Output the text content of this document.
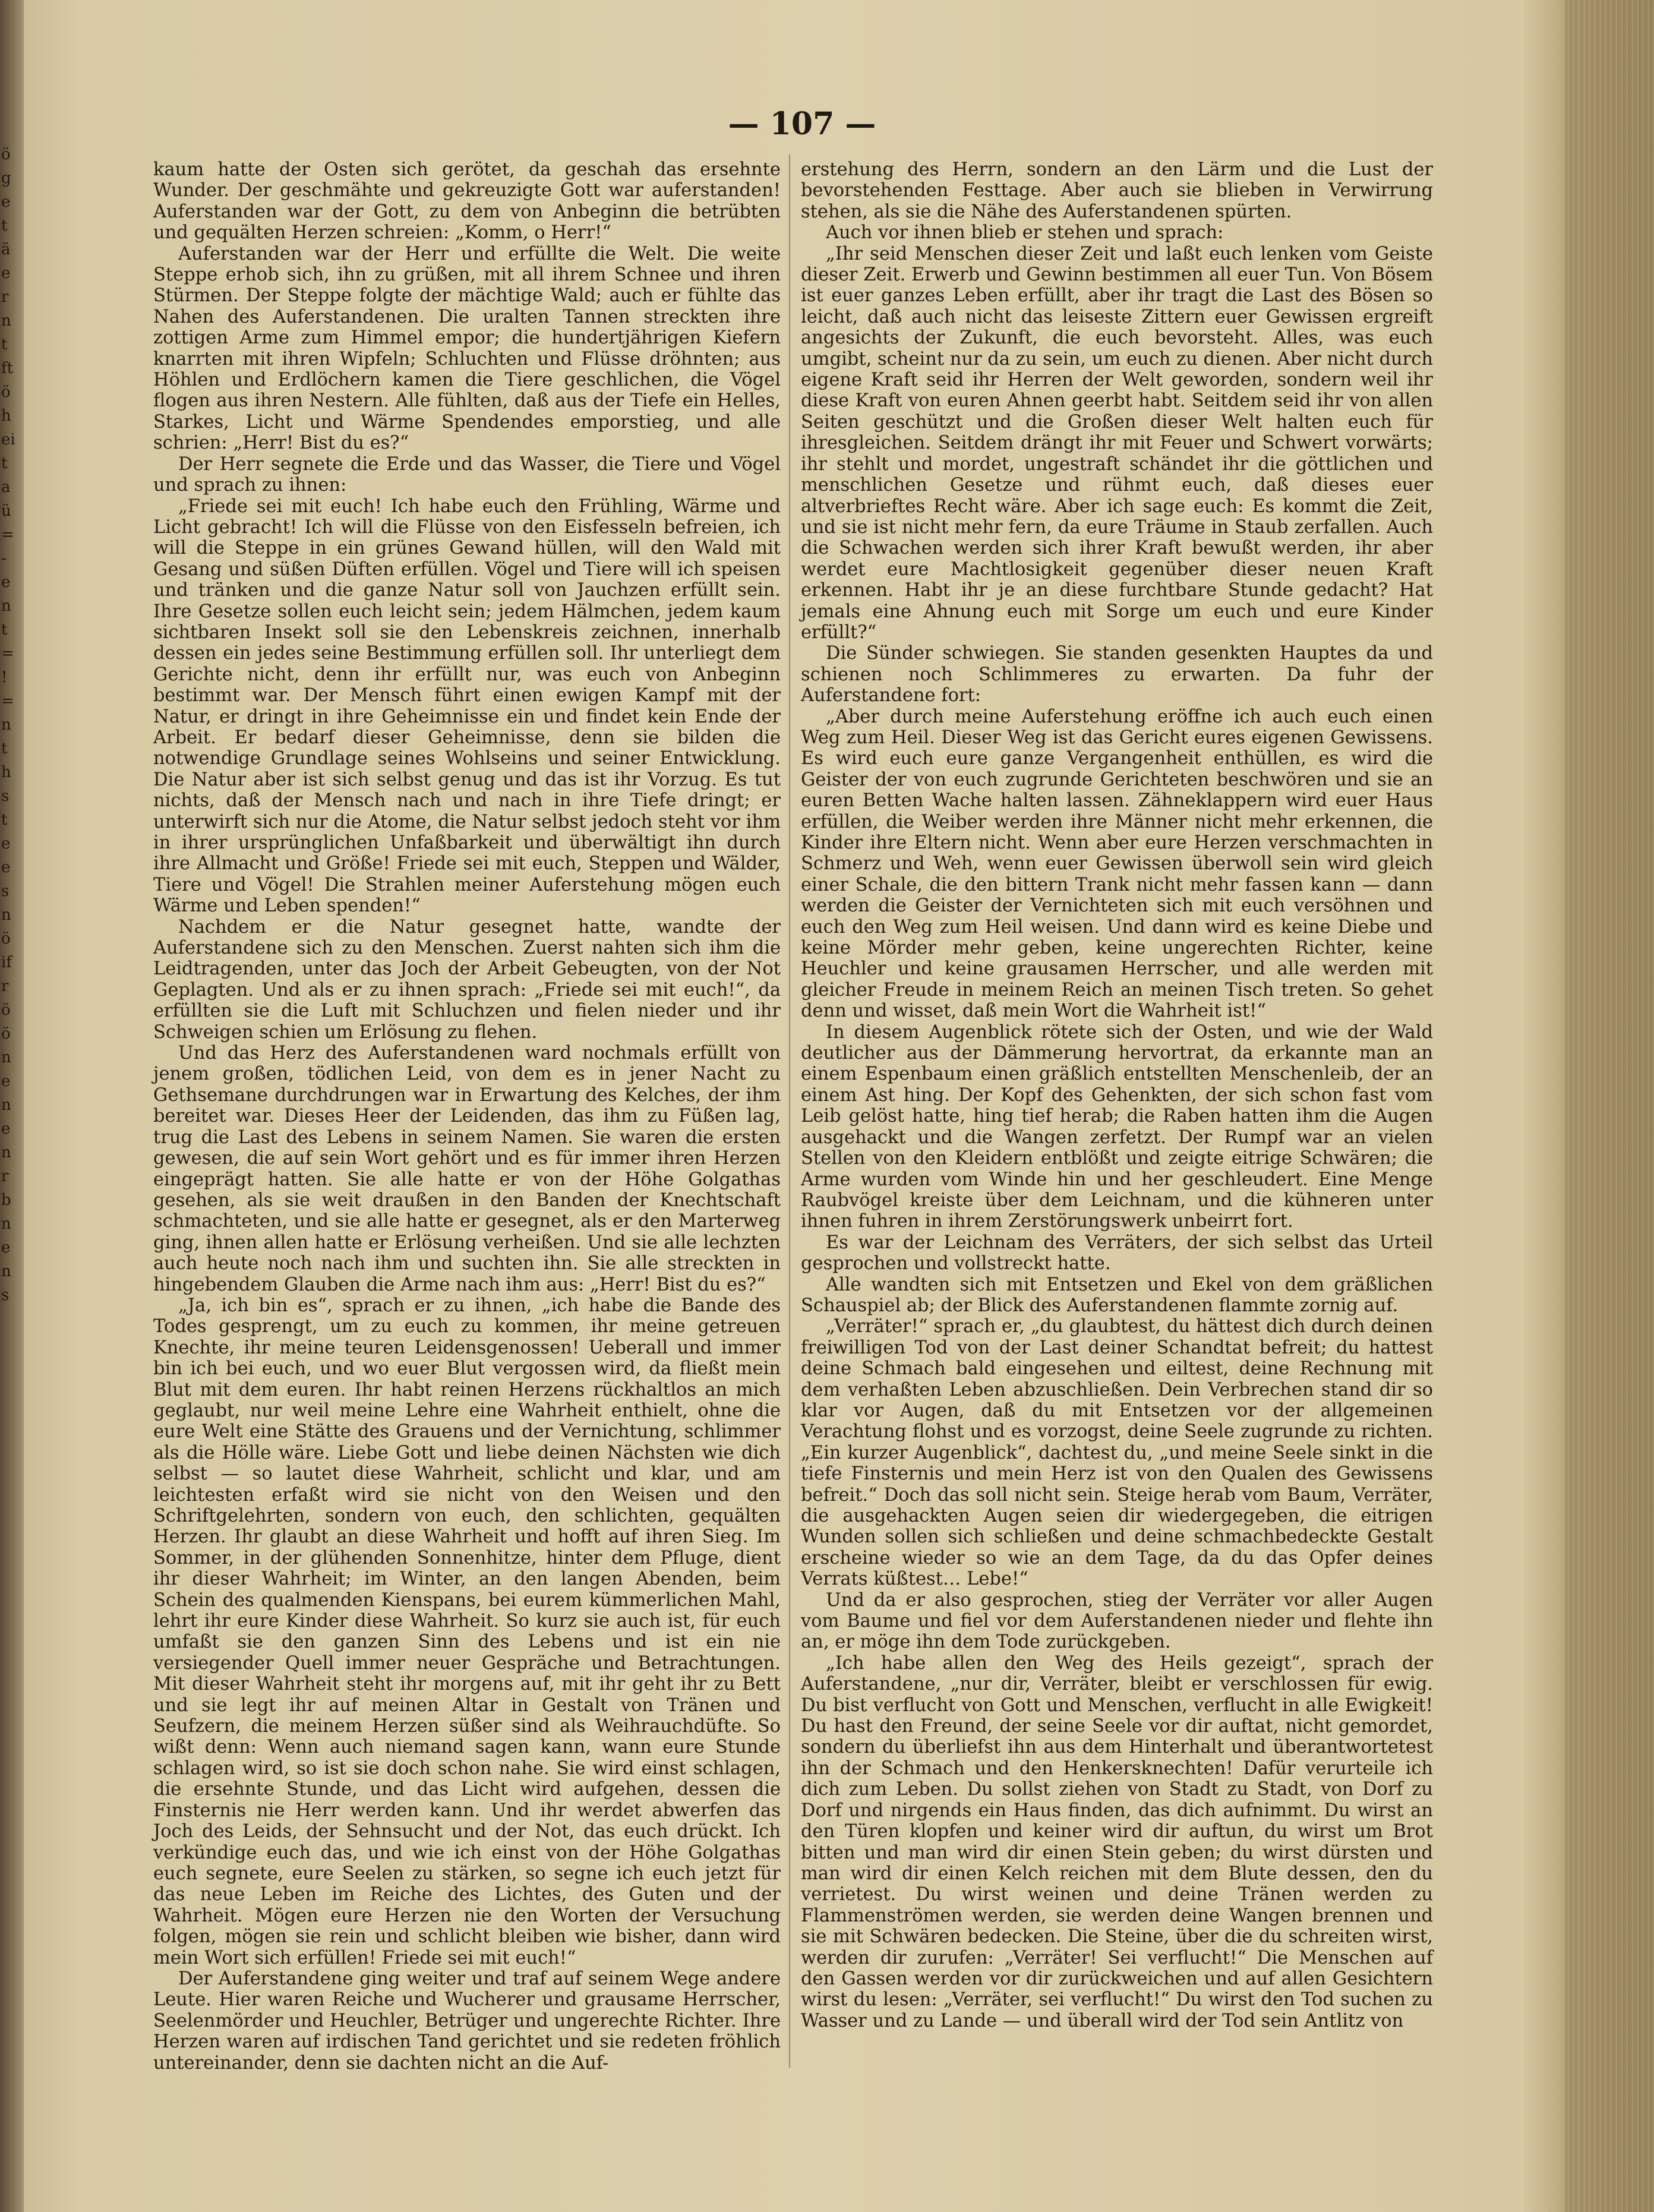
ö
g
e
t
ä
e
r
n
t
ft
ö
h
ei
t
a
ü
=
-
e
n
t
=
!
=
n
t
h
s
t
e
e
s
n
ö
if
r
ö
ö
n
e
n
e
n
r
b
n
e
n
s
— 107 —

kaum hatte der Osten sich gerötet, da geschah das ersehnte Wunder. Der geschmähte und gekreuzigte Gott war auferstanden! Auferstanden war der Gott, zu dem von Anbeginn die betrübten und gequälten Herzen schreien: „Komm, o Herr!“

Auferstanden war der Herr und erfüllte die Welt. Die weite Steppe erhob sich, ihn zu grüßen, mit all ihrem Schnee und ihren Stürmen. Der Steppe folgte der mächtige Wald; auch er fühlte das Nahen des Auferstandenen. Die uralten Tannen streckten ihre zottigen Arme zum Himmel empor; die hundertjährigen Kiefern knarrten mit ihren Wipfeln; Schluchten und Flüsse dröhnten; aus Höhlen und Erdlöchern kamen die Tiere geschlichen, die Vögel flogen aus ihren Nestern. Alle fühlten, daß aus der Tiefe ein Helles, Starkes, Licht und Wärme Spendendes emporstieg, und alle schrien: „Herr! Bist du es?“

Der Herr segnete die Erde und das Wasser, die Tiere und Vögel und sprach zu ihnen:

„Friede sei mit euch! Ich habe euch den Frühling, Wärme und Licht gebracht! Ich will die Flüsse von den Eisfesseln befreien, ich will die Steppe in ein grünes Gewand hüllen, will den Wald mit Gesang und süßen Düften erfüllen. Vögel und Tiere will ich speisen und tränken und die ganze Natur soll von Jauchzen erfüllt sein. Ihre Gesetze sollen euch leicht sein; jedem Hälmchen, jedem kaum sichtbaren Insekt soll sie den Lebenskreis zeichnen, innerhalb dessen ein jedes seine Bestimmung erfüllen soll. Ihr unterliegt dem Gerichte nicht, denn ihr erfüllt nur, was euch von Anbeginn bestimmt war. Der Mensch führt einen ewigen Kampf mit der Natur, er dringt in ihre Geheimnisse ein und findet kein Ende der Arbeit. Er bedarf dieser Geheimnisse, denn sie bilden die notwendige Grundlage seines Wohlseins und seiner Entwicklung. Die Natur aber ist sich selbst genug und das ist ihr Vorzug. Es tut nichts, daß der Mensch nach und nach in ihre Tiefe dringt; er unterwirft sich nur die Atome, die Natur selbst jedoch steht vor ihm in ihrer ursprünglichen Unfaßbarkeit und überwältigt ihn durch ihre Allmacht und Größe! Friede sei mit euch, Steppen und Wälder, Tiere und Vögel! Die Strahlen meiner Auferstehung mögen euch Wärme und Leben spenden!“

Nachdem er die Natur gesegnet hatte, wandte der Auferstandene sich zu den Menschen. Zuerst nahten sich ihm die Leidtragenden, unter das Joch der Arbeit Gebeugten, von der Not Geplagten. Und als er zu ihnen sprach: „Friede sei mit euch!“, da erfüllten sie die Luft mit Schluchzen und fielen nieder und ihr Schweigen schien um Erlösung zu flehen.

Und das Herz des Auferstandenen ward nochmals erfüllt von jenem großen, tödlichen Leid, von dem es in jener Nacht zu Gethsemane durchdrungen war in Erwartung des Kelches, der ihm bereitet war. Dieses Heer der Leidenden, das ihm zu Füßen lag, trug die Last des Lebens in seinem Namen. Sie waren die ersten gewesen, die auf sein Wort gehört und es für immer ihren Herzen eingeprägt hatten. Sie alle hatte er von der Höhe Golgathas gesehen, als sie weit draußen in den Banden der Knechtschaft schmachteten, und sie alle hatte er gesegnet, als er den Marterweg ging, ihnen allen hatte er Erlösung verheißen. Und sie alle lechzten auch heute noch nach ihm und suchten ihn. Sie alle streckten in hingebendem Glauben die Arme nach ihm aus: „Herr! Bist du es?“

„Ja, ich bin es“, sprach er zu ihnen, „ich habe die Bande des Todes gesprengt, um zu euch zu kommen, ihr meine getreuen Knechte, ihr meine teuren Leidensgenossen! Ueberall und immer bin ich bei euch, und wo euer Blut vergossen wird, da fließt mein Blut mit dem euren. Ihr habt reinen Herzens rückhaltlos an mich geglaubt, nur weil meine Lehre eine Wahrheit enthielt, ohne die eure Welt eine Stätte des Grauens und der Vernichtung, schlimmer als die Hölle wäre. Liebe Gott und liebe deinen Nächsten wie dich selbst — so lautet diese Wahrheit, schlicht und klar, und am leichtesten erfaßt wird sie nicht von den Weisen und den Schriftgelehrten, sondern von euch, den schlichten, gequälten Herzen. Ihr glaubt an diese Wahrheit und hofft auf ihren Sieg. Im Sommer, in der glühenden Sonnenhitze, hinter dem Pfluge, dient ihr dieser Wahrheit; im Winter, an den langen Abenden, beim Schein des qualmenden Kienspans, bei eurem kümmerlichen Mahl, lehrt ihr eure Kinder diese Wahrheit. So kurz sie auch ist, für euch umfaßt sie den ganzen Sinn des Lebens und ist ein nie versiegender Quell immer neuer Gespräche und Betrachtungen. Mit dieser Wahrheit steht ihr morgens auf, mit ihr geht ihr zu Bett und sie legt ihr auf meinen Altar in Gestalt von Tränen und Seufzern, die meinem Herzen süßer sind als Weihrauchdüfte. So wißt denn: Wenn auch niemand sagen kann, wann eure Stunde schlagen wird, so ist sie doch schon nahe. Sie wird einst schlagen, die ersehnte Stunde, und das Licht wird aufgehen, dessen die Finsternis nie Herr werden kann. Und ihr werdet abwerfen das Joch des Leids, der Sehnsucht und der Not, das euch drückt. Ich verkündige euch das, und wie ich einst von der Höhe Golgathas euch segnete, eure Seelen zu stärken, so segne ich euch jetzt für das neue Leben im Reiche des Lichtes, des Guten und der Wahrheit. Mögen eure Herzen nie den Worten der Versuchung folgen, mögen sie rein und schlicht bleiben wie bisher, dann wird mein Wort sich erfüllen! Friede sei mit euch!“

Der Auferstandene ging weiter und traf auf seinem Wege andere Leute. Hier waren Reiche und Wucherer und grausame Herrscher, Seelenmörder und Heuchler, Betrüger und ungerechte Richter. Ihre Herzen waren auf irdischen Tand gerichtet und sie redeten fröhlich untereinander, denn sie dachten nicht an die Auf-

erstehung des Herrn, sondern an den Lärm und die Lust der bevorstehenden Festtage. Aber auch sie blieben in Verwirrung stehen, als sie die Nähe des Auferstandenen spürten.

Auch vor ihnen blieb er stehen und sprach:

„Ihr seid Menschen dieser Zeit und laßt euch lenken vom Geiste dieser Zeit. Erwerb und Gewinn bestimmen all euer Tun. Von Bösem ist euer ganzes Leben erfüllt, aber ihr tragt die Last des Bösen so leicht, daß auch nicht das leiseste Zittern euer Gewissen ergreift angesichts der Zukunft, die euch bevorsteht. Alles, was euch umgibt, scheint nur da zu sein, um euch zu dienen. Aber nicht durch eigene Kraft seid ihr Herren der Welt geworden, sondern weil ihr diese Kraft von euren Ahnen geerbt habt. Seitdem seid ihr von allen Seiten geschützt und die Großen dieser Welt halten euch für ihresgleichen. Seitdem drängt ihr mit Feuer und Schwert vorwärts; ihr stehlt und mordet, ungestraft schändet ihr die göttlichen und menschlichen Gesetze und rühmt euch, daß dieses euer altverbrieftes Recht wäre. Aber ich sage euch: Es kommt die Zeit, und sie ist nicht mehr fern, da eure Träume in Staub zerfallen. Auch die Schwachen werden sich ihrer Kraft bewußt werden, ihr aber werdet eure Machtlosigkeit gegenüber dieser neuen Kraft erkennen. Habt ihr je an diese furchtbare Stunde gedacht? Hat jemals eine Ahnung euch mit Sorge um euch und eure Kinder erfüllt?“

Die Sünder schwiegen. Sie standen gesenkten Hauptes da und schienen noch Schlimmeres zu erwarten. Da fuhr der Auferstandene fort:

„Aber durch meine Auferstehung eröffne ich auch euch einen Weg zum Heil. Dieser Weg ist das Gericht eures eigenen Gewissens. Es wird euch eure ganze Vergangenheit enthüllen, es wird die Geister der von euch zugrunde Gerichteten beschwören und sie an euren Betten Wache halten lassen. Zähneklappern wird euer Haus erfüllen, die Weiber werden ihre Männer nicht mehr erkennen, die Kinder ihre Eltern nicht. Wenn aber eure Herzen verschmachten in Schmerz und Weh, wenn euer Gewissen überwoll sein wird gleich einer Schale, die den bittern Trank nicht mehr fassen kann — dann werden die Geister der Vernichteten sich mit euch versöhnen und euch den Weg zum Heil weisen. Und dann wird es keine Diebe und keine Mörder mehr geben, keine ungerechten Richter, keine Heuchler und keine grausamen Herrscher, und alle werden mit gleicher Freude in meinem Reich an meinen Tisch treten. So gehet denn und wisset, daß mein Wort die Wahrheit ist!“

In diesem Augenblick rötete sich der Osten, und wie der Wald deutlicher aus der Dämmerung hervortrat, da erkannte man an einem Espenbaum einen gräßlich entstellten Menschenleib, der an einem Ast hing. Der Kopf des Gehenkten, der sich schon fast vom Leib gelöst hatte, hing tief herab; die Raben hatten ihm die Augen ausgehackt und die Wangen zerfetzt. Der Rumpf war an vielen Stellen von den Kleidern entblößt und zeigte eitrige Schwären; die Arme wurden vom Winde hin und her geschleudert. Eine Menge Raubvögel kreiste über dem Leichnam, und die kühneren unter ihnen fuhren in ihrem Zerstörungswerk unbeirrt fort.

Es war der Leichnam des Verräters, der sich selbst das Urteil gesprochen und vollstreckt hatte.

Alle wandten sich mit Entsetzen und Ekel von dem gräßlichen Schauspiel ab; der Blick des Auferstandenen flammte zornig auf.

„Verräter!“ sprach er, „du glaubtest, du hättest dich durch deinen freiwilligen Tod von der Last deiner Schandtat befreit; du hattest deine Schmach bald eingesehen und eiltest, deine Rechnung mit dem verhaßten Leben abzuschließen. Dein Verbrechen stand dir so klar vor Augen, daß du mit Entsetzen vor der allgemeinen Verachtung flohst und es vorzogst, deine Seele zugrunde zu richten. „Ein kurzer Augenblick“, dachtest du, „und meine Seele sinkt in die tiefe Finsternis und mein Herz ist von den Qualen des Gewissens befreit.“ Doch das soll nicht sein. Steige herab vom Baum, Verräter, die ausgehackten Augen seien dir wiedergegeben, die eitrigen Wunden sollen sich schließen und deine schmachbedeckte Gestalt erscheine wieder so wie an dem Tage, da du das Opfer deines Verrats küßtest… Lebe!“

Und da er also gesprochen, stieg der Verräter vor aller Augen vom Baume und fiel vor dem Auferstandenen nieder und flehte ihn an, er möge ihn dem Tode zurückgeben.

„Ich habe allen den Weg des Heils gezeigt“, sprach der Auferstandene, „nur dir, Verräter, bleibt er verschlossen für ewig. Du bist verflucht von Gott und Menschen, verflucht in alle Ewigkeit! Du hast den Freund, der seine Seele vor dir auftat, nicht gemordet, sondern du überliefst ihn aus dem Hinterhalt und überantwortetest ihn der Schmach und den Henkersknechten! Dafür verurteile ich dich zum Leben. Du sollst ziehen von Stadt zu Stadt, von Dorf zu Dorf und nirgends ein Haus finden, das dich aufnimmt. Du wirst an den Türen klopfen und keiner wird dir auftun, du wirst um Brot bitten und man wird dir einen Stein geben; du wirst dürsten und man wird dir einen Kelch reichen mit dem Blute dessen, den du verrietest. Du wirst weinen und deine Tränen werden zu Flammenströmen werden, sie werden deine Wangen brennen und sie mit Schwären bedecken. Die Steine, über die du schreiten wirst, werden dir zurufen: „Verräter! Sei verflucht!“ Die Menschen auf den Gassen werden vor dir zurückweichen und auf allen Gesichtern wirst du lesen: „Verräter, sei verflucht!“ Du wirst den Tod suchen zu Wasser und zu Lande — und überall wird der Tod sein Antlitz von
